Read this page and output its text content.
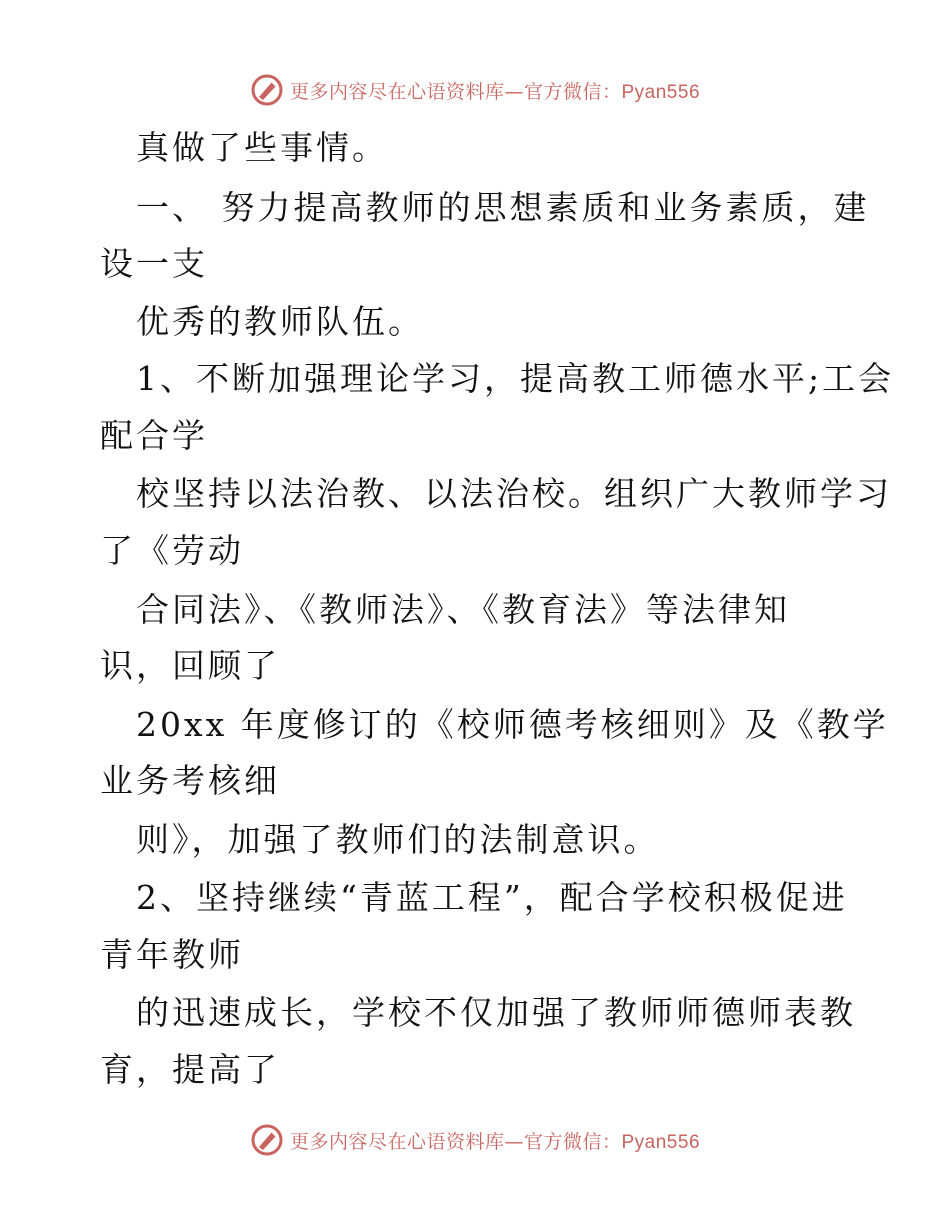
更多内容尽在心语资料库—官方微信：Pyan556
真做了些事情。
一、 努力提高教师的思想素质和业务素质，建
设一支
优秀的教师队伍。
1、不断加强理论学习，提高教工师德水平;工会
配合学
校坚持以法治教、以法治校。组织广大教师学习
了《劳动
合同法》、《教师法》、《教育法》等法律知
识，回顾了
20xx 年度修订的《校师德考核细则》及《教学
业务考核细
则》，加强了教师们的法制意识。
2、坚持继续“青蓝工程”，配合学校积极促进
青年教师
的迅速成长，学校不仅加强了教师师德师表教
育，提高了
更多内容尽在心语资料库—官方微信：Pyan556
